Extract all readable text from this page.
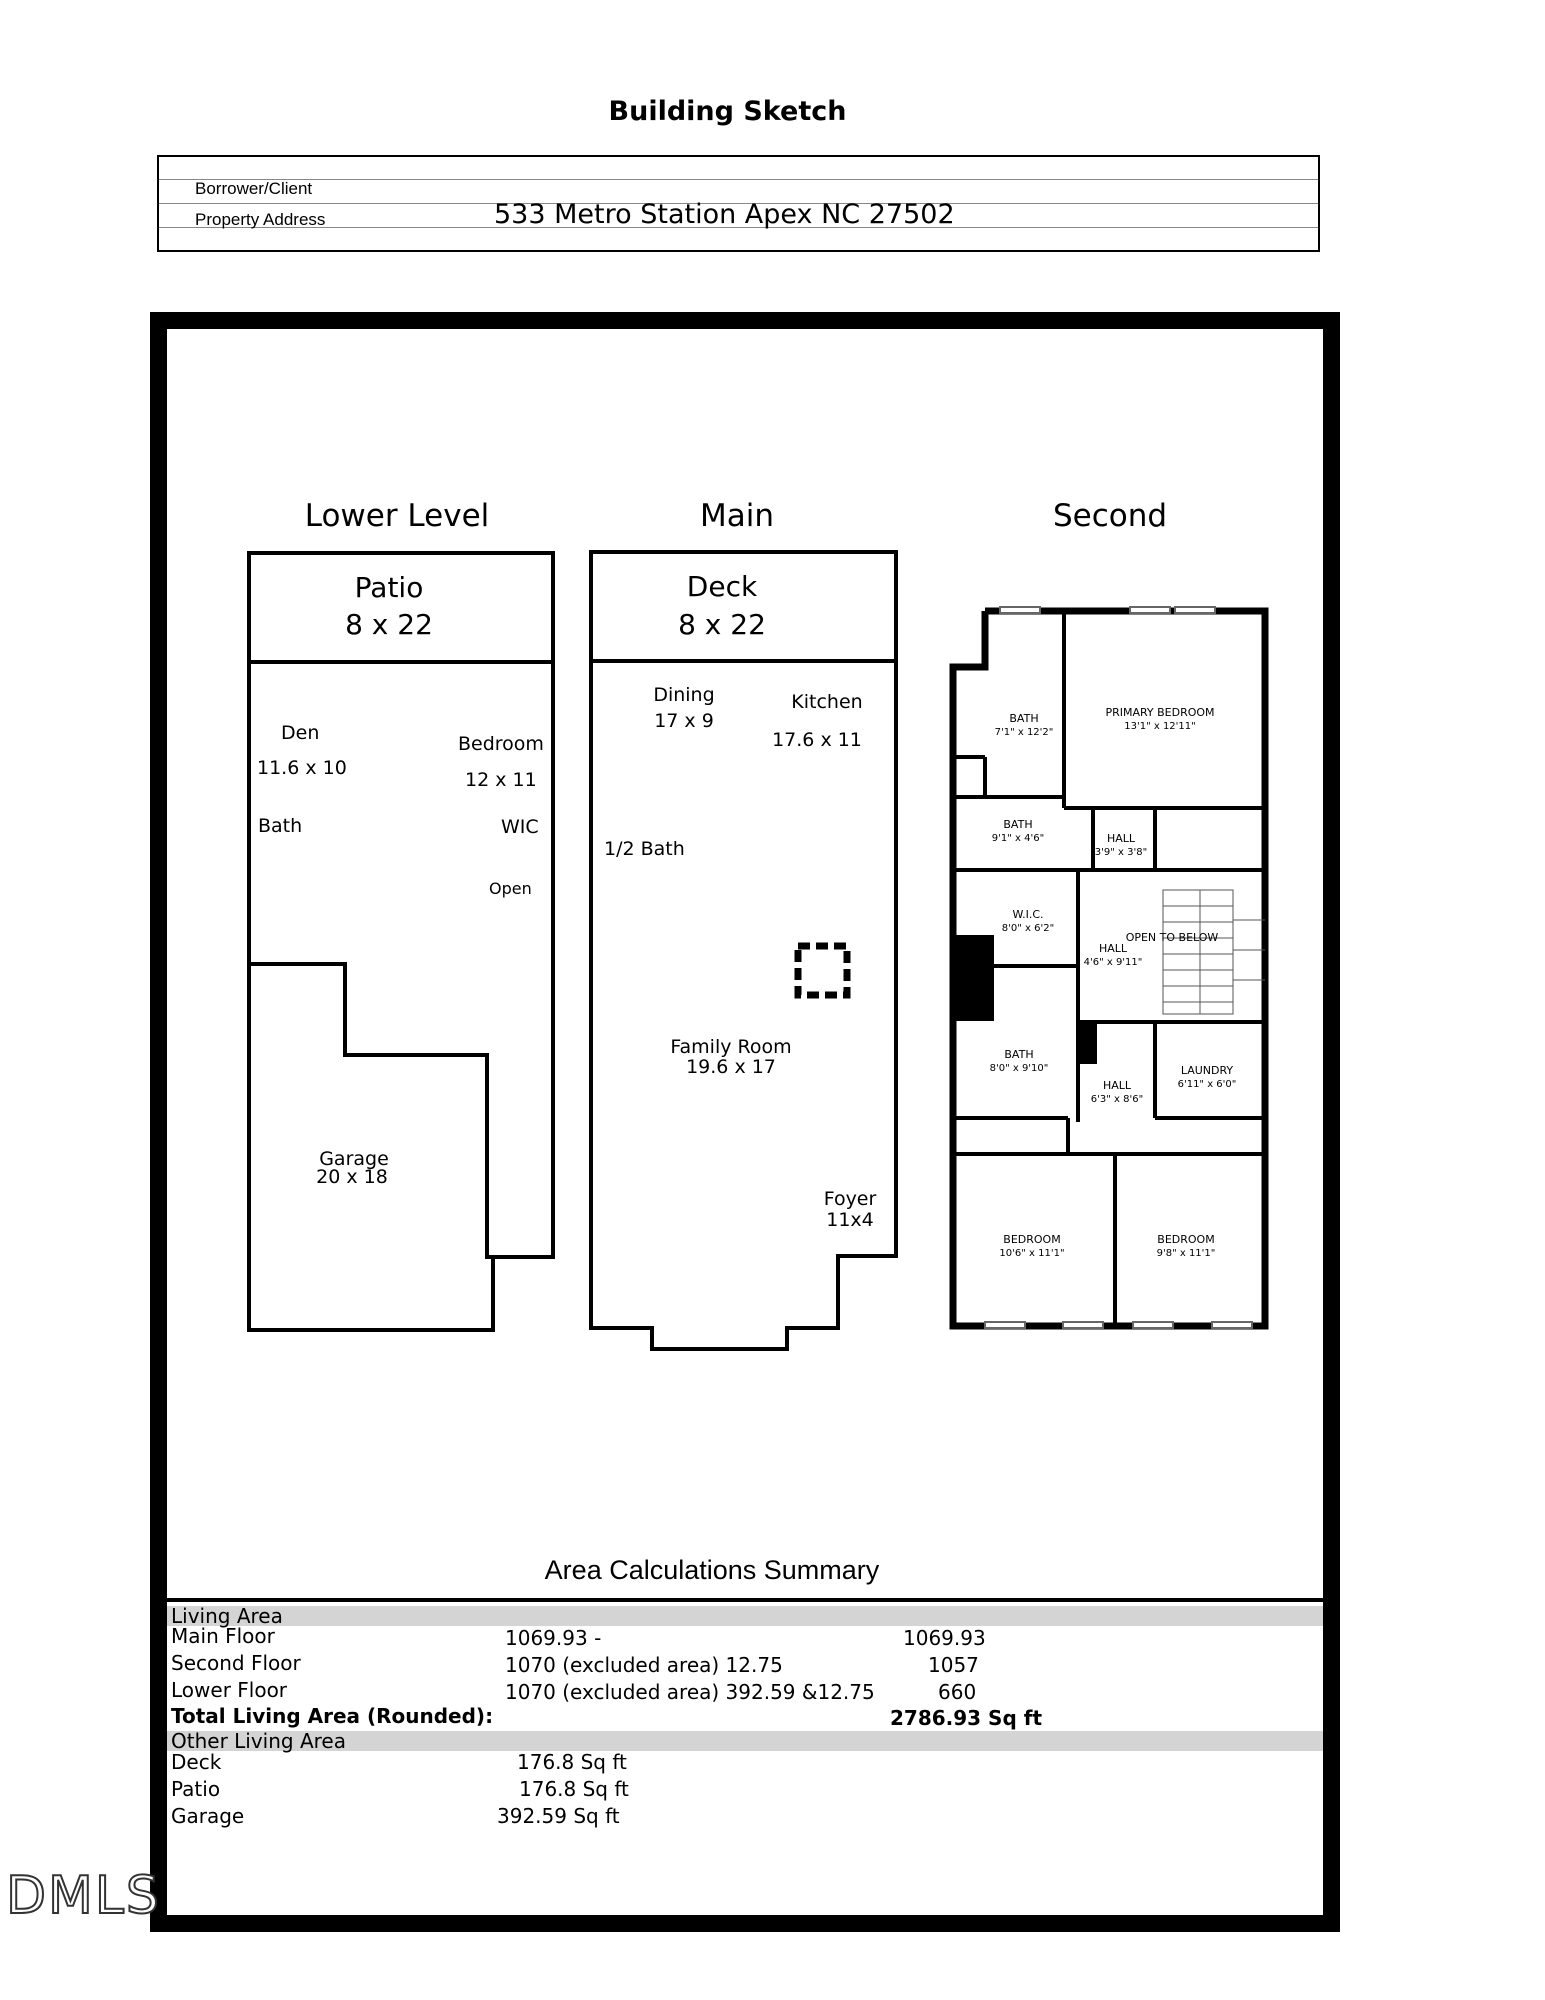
Building Sketch
Borrower/Client
Property Address	533 Metro Station Apex NC 27502
Lower Level
Patio
8 x 22
Den
11.6 x 10
Bedroom
12 x 11
Bath	WIC
Open
Garage
20 x 18
Main
Deck
8 x 22
Dining
17 x 9
Kitchen
17.6 x 11
1/2 Bath
Family Room
19.6 x 17
Foyer
11x4
Second
BATH
7'1" x 12'2"
PRIMARY BEDROOM
13'1" x 12'11"
BATH
9'1" x 4'6"	HALL
3'9" x 3'8"
W.I.C.
8'0" x 6'2"
HALL
4'6" x 9'11"
OPEN TO BELOW
BATH
8'0" x 9'10"
HALL
6'3" x 8'6"
LAUNDRY
6'11" x 6'0"
BEDROOM
10'6" x 11'1"
BEDROOM
9'8" x 11'1"
Area Calculations Summary
Living Area
Main Floor	1069.93 -	1069.93
Second Floor	1070 (excluded area) 12.75	1057
Lower Floor	1070 (excluded area) 392.59 &12.75	660
Total Living Area (Rounded):	2786.93 Sq ft
Other Living Area
Deck	176.8 Sq ft
Patio	176.8 Sq ft
Garage	392.59 Sq ft
DMLS
